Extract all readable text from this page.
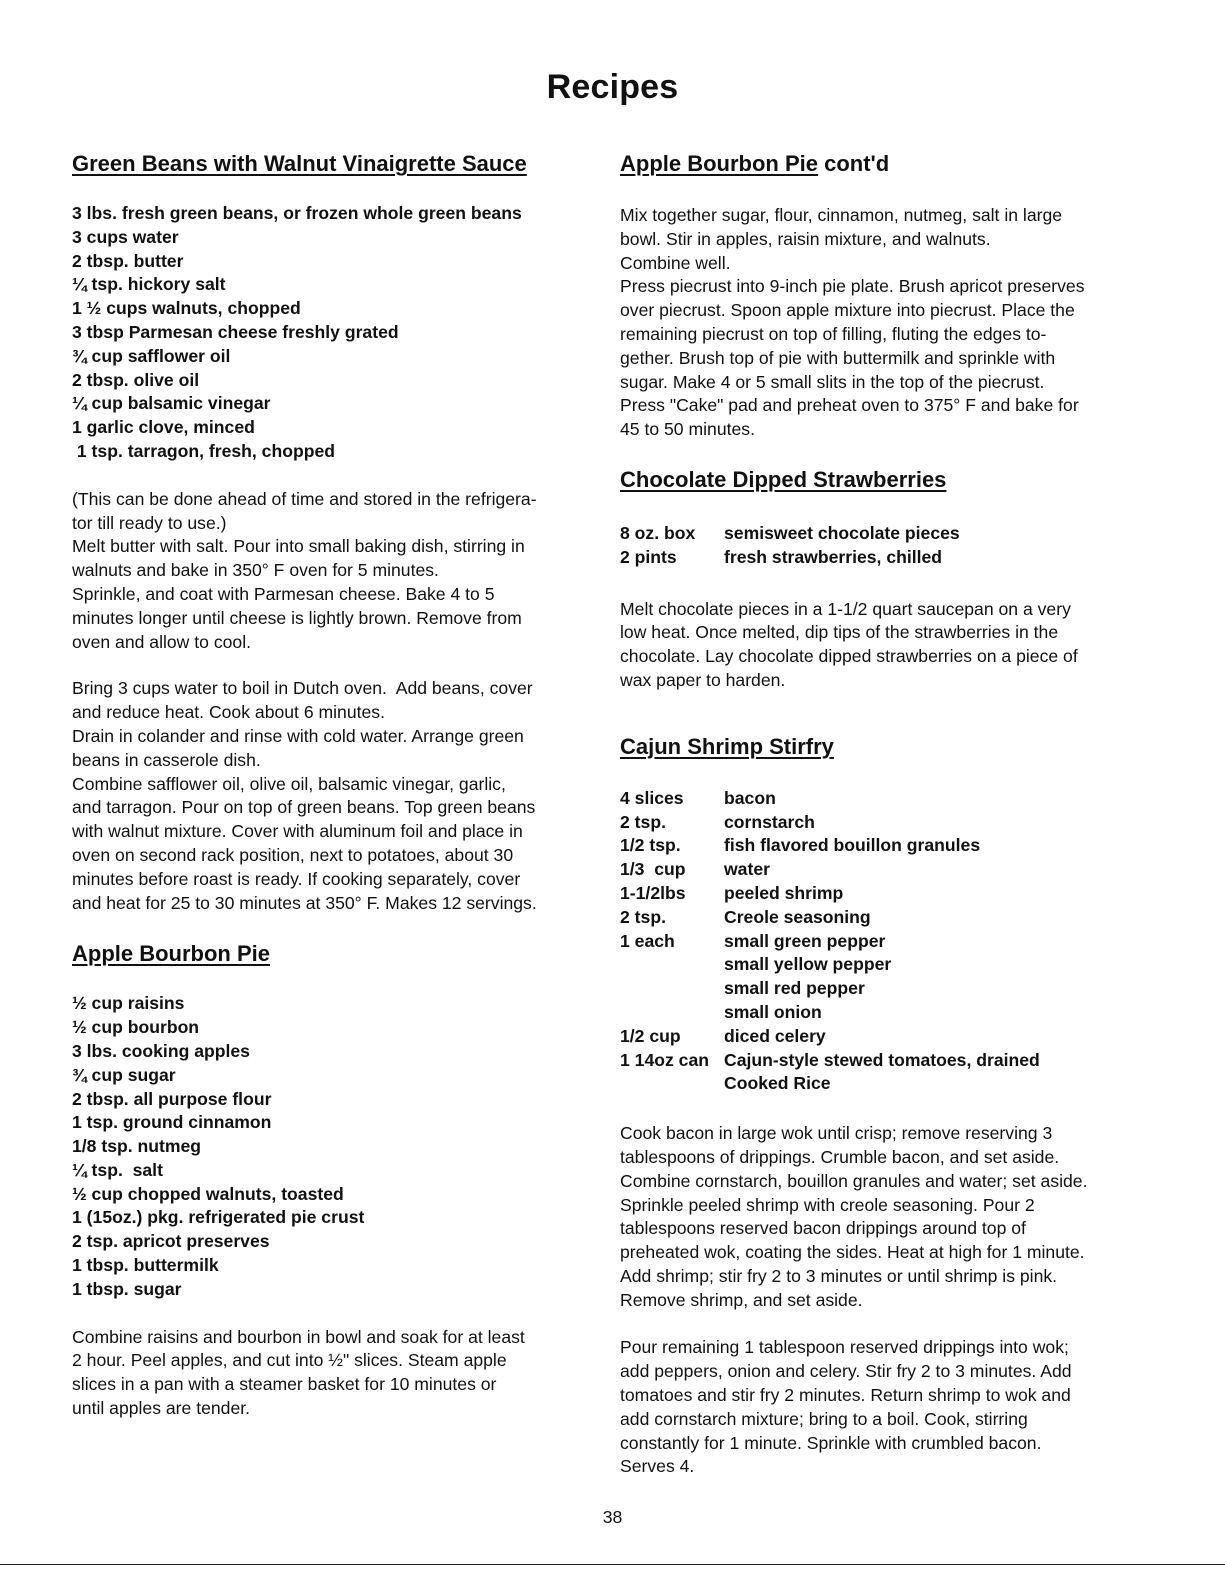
Recipes
Green Beans with Walnut Vinaigrette Sauce
3 lbs. fresh green beans, or frozen whole green beans
3 cups water
2 tbsp. butter
¼ tsp. hickory salt
1 ½ cups walnuts, chopped
3 tbsp Parmesan cheese freshly grated
¾ cup safflower oil
2 tbsp. olive oil
¼ cup balsamic vinegar
1 garlic clove, minced
1 tsp. tarragon, fresh, chopped
(This can be done ahead of time and stored in the refrigera-
tor till ready to use.)
Melt butter with salt. Pour into small baking dish, stirring in
walnuts and bake in 350° F oven for 5 minutes.
Sprinkle, and coat with Parmesan cheese. Bake 4 to 5
minutes longer until cheese is lightly brown. Remove from
oven and allow to cool.
Bring 3 cups water to boil in Dutch oven.  Add beans, cover
and reduce heat. Cook about 6 minutes.
Drain in colander and rinse with cold water. Arrange green
beans in casserole dish.
Combine safflower oil, olive oil, balsamic vinegar, garlic,
and tarragon. Pour on top of green beans. Top green beans
with walnut mixture. Cover with aluminum foil and place in
oven on second rack position, next to potatoes, about 30
minutes before roast is ready. If cooking separately, cover
and heat for 25 to 30 minutes at 350° F. Makes 12 servings.
Apple Bourbon Pie
½ cup raisins
½ cup bourbon
3 lbs. cooking apples
¾ cup sugar
2 tbsp. all purpose flour
1 tsp. ground cinnamon
1/8 tsp. nutmeg
¼ tsp.  salt
½ cup chopped walnuts, toasted
1 (15oz.) pkg. refrigerated pie crust
2 tsp. apricot preserves
1 tbsp. buttermilk
1 tbsp. sugar
Combine raisins and bourbon in bowl and soak for at least
2 hour. Peel apples, and cut into ½" slices. Steam apple
slices in a pan with a steamer basket for 10 minutes or
until apples are tender.
Apple Bourbon Pie cont'd
Mix together sugar, flour, cinnamon, nutmeg, salt in large
bowl. Stir in apples, raisin mixture, and walnuts.
Combine well.
Press piecrust into 9-inch pie plate. Brush apricot preserves
over piecrust. Spoon apple mixture into piecrust. Place the
remaining piecrust on top of filling, fluting the edges to-
gether. Brush top of pie with buttermilk and sprinkle with
sugar. Make 4 or 5 small slits in the top of the piecrust.
Press "Cake" pad and preheat oven to 375° F and bake for
45 to 50 minutes.
Chocolate Dipped Strawberries
8 oz. box	semisweet chocolate pieces
2 pints	fresh strawberries, chilled
Melt chocolate pieces in a 1-1/2 quart saucepan on a very
low heat. Once melted, dip tips of the strawberries in the
chocolate. Lay chocolate dipped strawberries on a piece of
wax paper to harden.
Cajun Shrimp Stirfry
4 slices	bacon
2 tsp.	cornstarch
1/2 tsp.	fish flavored bouillon granules
1/3  cup	water
1-1/2lbs	peeled shrimp
2 tsp.	Creole seasoning
1 each	small green pepper
	small yellow pepper
	small red pepper
	small onion
1/2 cup	diced celery
1 14oz can	Cajun-style stewed tomatoes, drained
	Cooked Rice
Cook bacon in large wok until crisp; remove reserving 3
tablespoons of drippings. Crumble bacon, and set aside.
Combine cornstarch, bouillon granules and water; set aside.
Sprinkle peeled shrimp with creole seasoning. Pour 2
tablespoons reserved bacon drippings around top of
preheated wok, coating the sides. Heat at high for 1 minute.
Add shrimp; stir fry 2 to 3 minutes or until shrimp is pink.
Remove shrimp, and set aside.
Pour remaining 1 tablespoon reserved drippings into wok;
add peppers, onion and celery. Stir fry 2 to 3 minutes. Add
tomatoes and stir fry 2 minutes. Return shrimp to wok and
add cornstarch mixture; bring to a boil. Cook, stirring
constantly for 1 minute. Sprinkle with crumbled bacon.
Serves 4.
38
